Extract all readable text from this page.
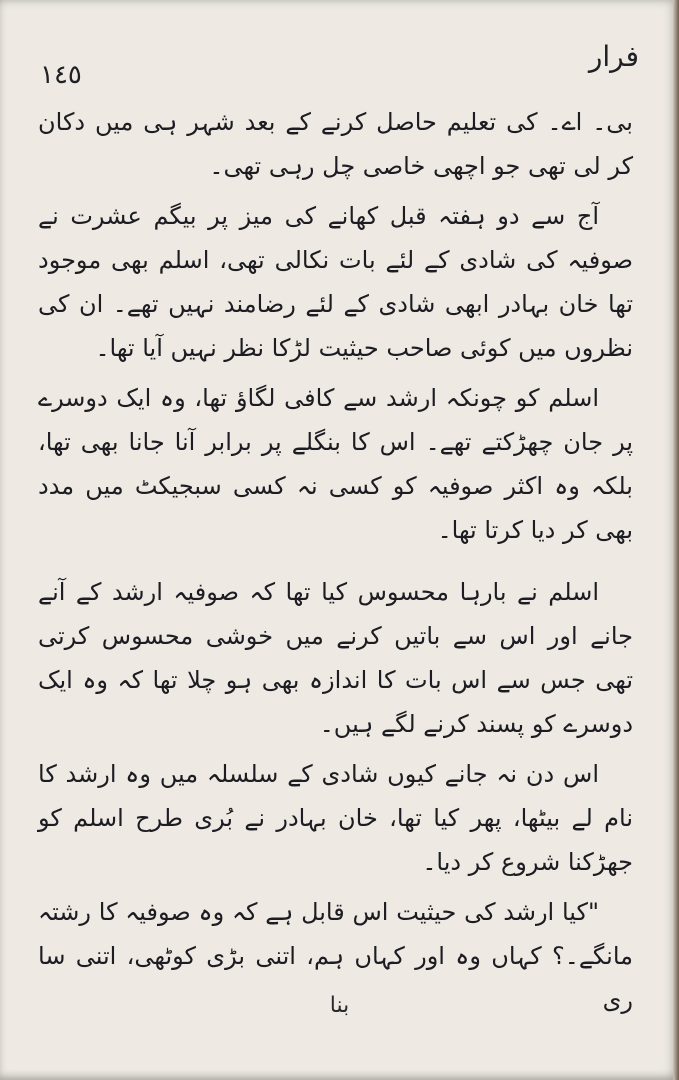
١٤٥
فرار

بی۔ اے۔ کی تعلیم حاصل کرنے کے بعد شہر ہی میں دکان کر لی تھی جو اچھی خاصی چل رہی تھی۔

آج سے دو ہفتہ قبل کھانے کی میز پر بیگم عشرت نے صوفیہ کی شادی کے لئے بات نکالی تھی، اسلم بھی موجود تھا خان بہادر ابھی شادی کے لئے رضامند نہیں تھے۔ ان کی نظروں میں کوئی صاحب حیثیت لڑکا نظر نہیں آیا تھا۔

اسلم کو چونکہ ارشد سے کافی لگاؤ تھا، وہ ایک دوسرے پر جان چھڑکتے تھے۔ اس کا بنگلے پر برابر آنا جانا بھی تھا، بلکہ وہ اکثر صوفیہ کو کسی نہ کسی سبجیکٹ میں مدد بھی کر دیا کرتا تھا۔

اسلم نے بارہا محسوس کیا تھا کہ صوفیہ ارشد کے آنے جانے اور اس سے باتیں کرنے میں خوشی محسوس کرتی تھی جس سے اس بات کا اندازہ بھی ہو چلا تھا کہ وہ ایک دوسرے کو پسند کرنے لگے ہیں۔

اس دن نہ جانے کیوں شادی کے سلسلہ میں وہ ارشد کا نام لے بیٹھا، پھر کیا تھا، خان بہادر نے بُری طرح اسلم کو جھڑکنا شروع کر دیا۔

"کیا ارشد کی حیثیت اس قابل ہے کہ وہ صوفیہ کا رشتہ مانگے۔؟ کہاں وہ اور کہاں ہم، اتنی بڑی کوٹھی، اتنی سا ری

بنا
